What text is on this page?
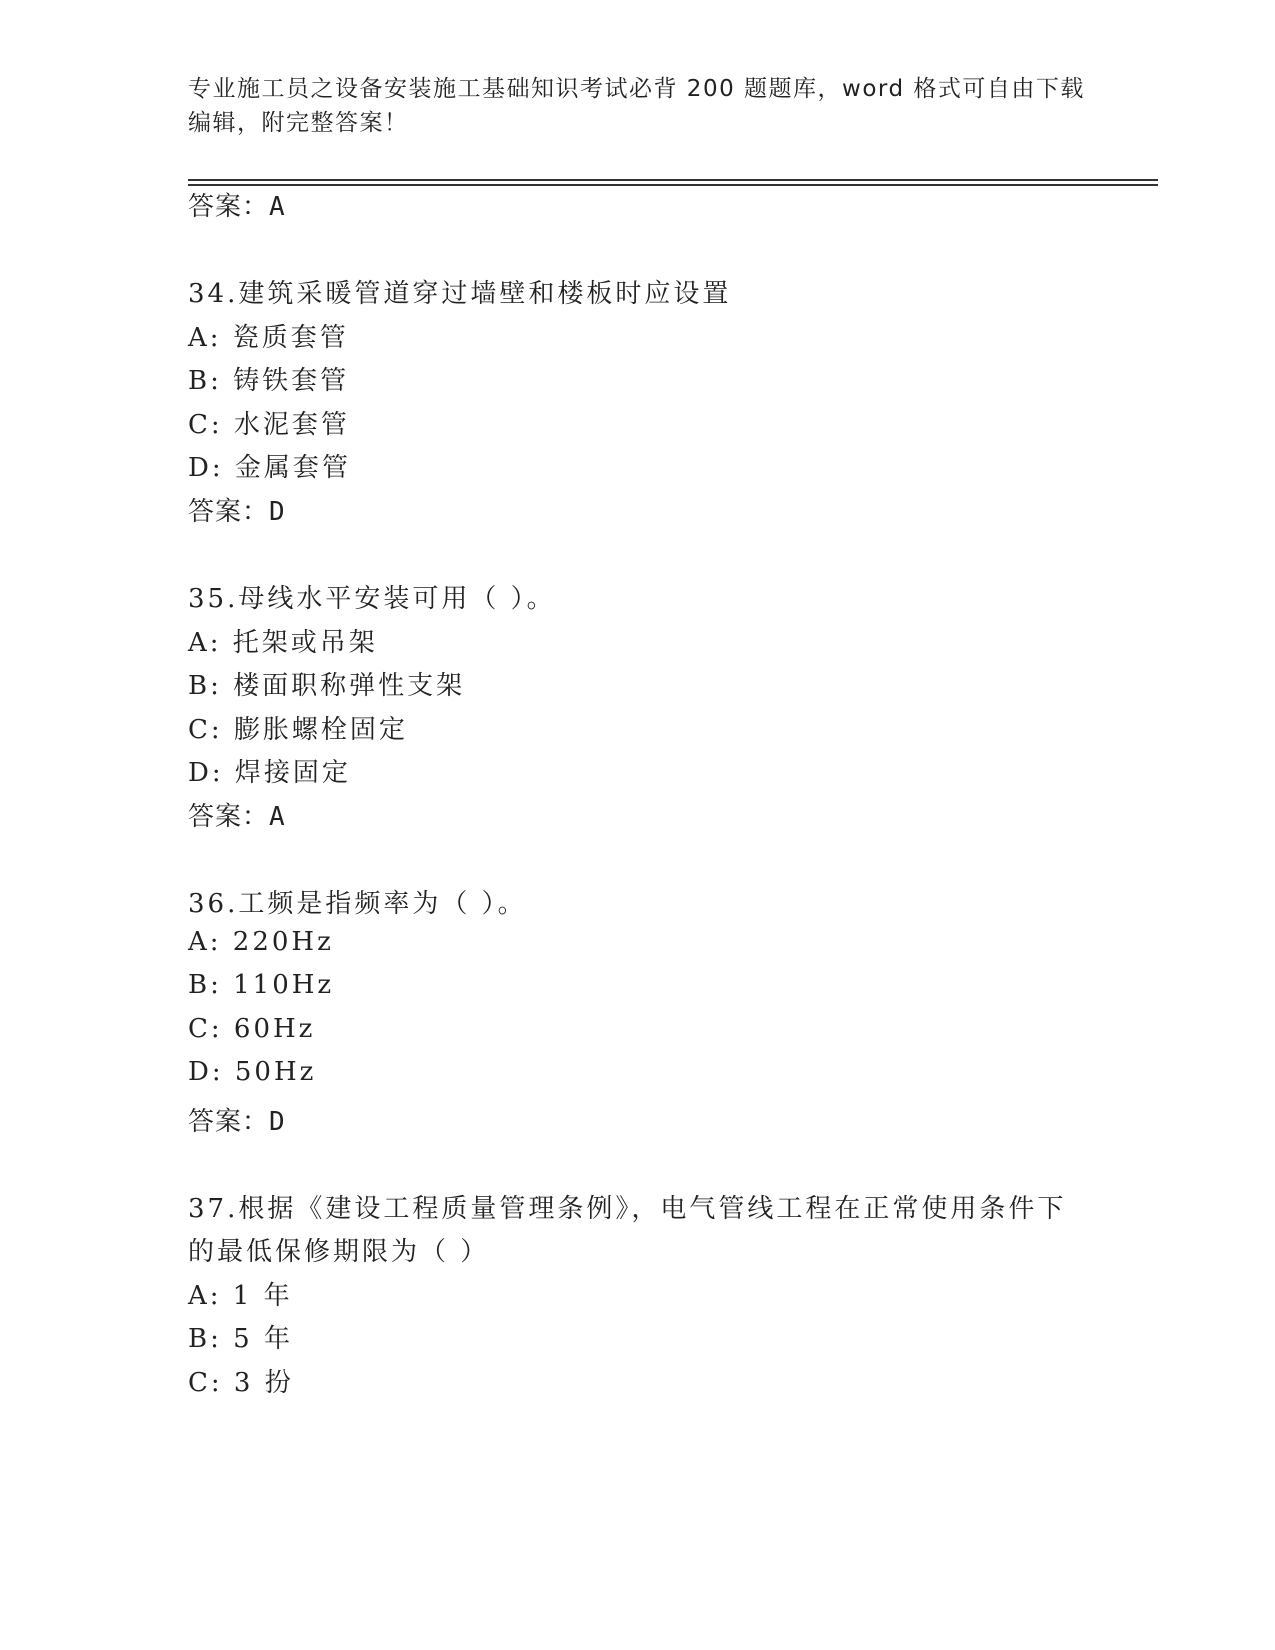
专业施工员之设备安装施工基础知识考试必背 200 题题库，word 格式可自由下载
编辑，附完整答案！
答案：A
34.建筑采暖管道穿过墙壁和楼板时应设置
A: 瓷质套管
B: 铸铁套管
C: 水泥套管
D: 金属套管
答案：D
35.母线水平安装可用（ ）。
A: 托架或吊架
B: 楼面职称弹性支架
C: 膨胀螺栓固定
D: 焊接固定
答案：A
36.工频是指频率为（ ）。
A: 220Hz
B: 110Hz
C: 60Hz
D: 50Hz
答案：D
37.根据《建设工程质量管理条例》，电气管线工程在正常使用条件下
的最低保修期限为（ ）
A: 1 年
B: 5 年
C: 3 扮
